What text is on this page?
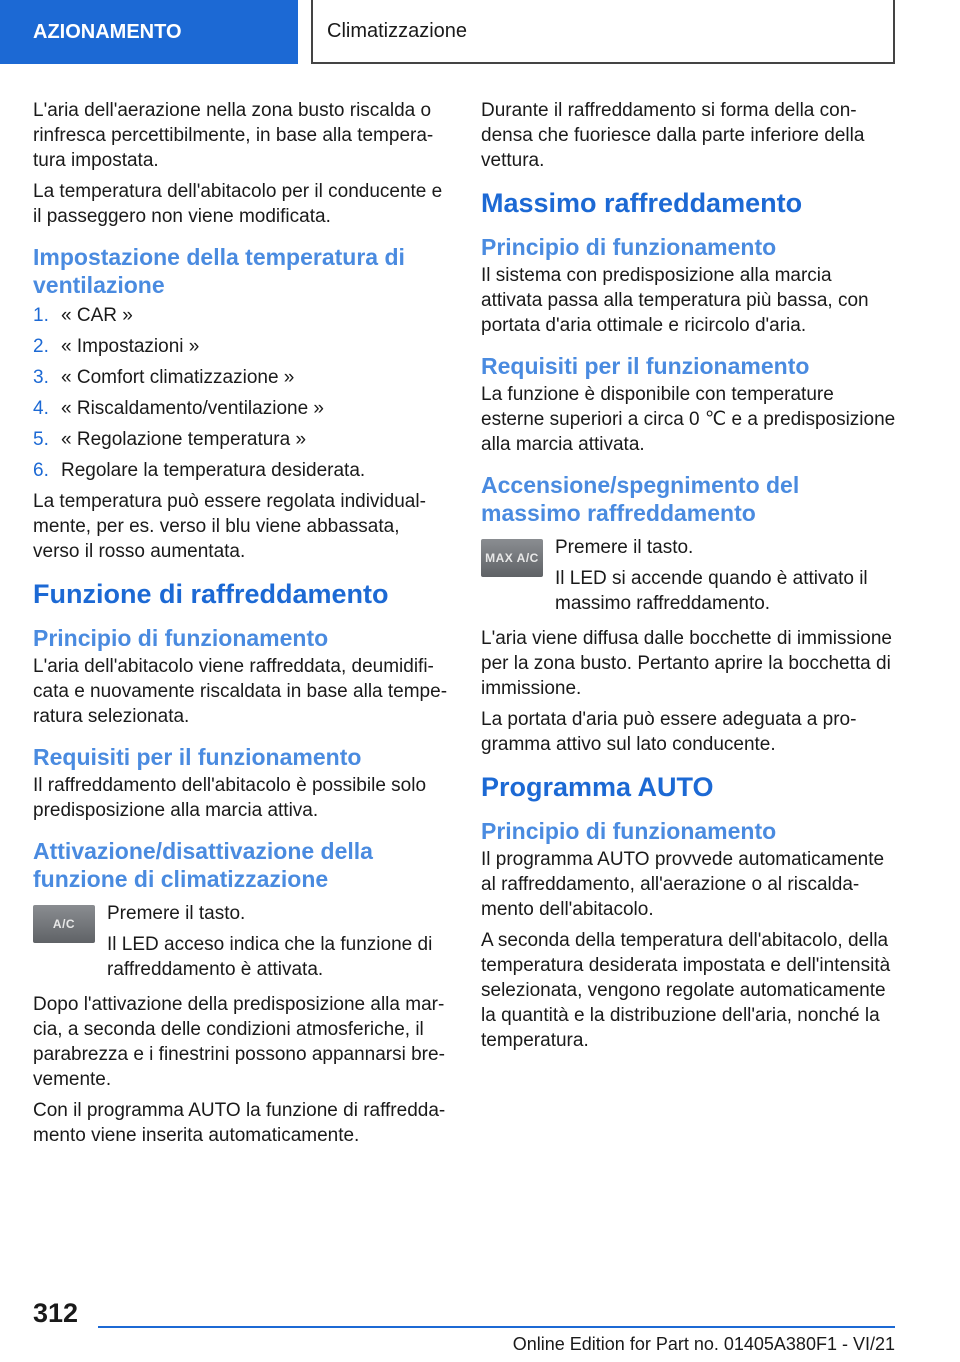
AZIONAMENTO	Climatizzazione

L'aria dell'aerazione nella zona busto riscalda o rinfresca percettibilmente, in base alla temperatura impostata.

La temperatura dell'abitacolo per il conducente e il passeggero non viene modificata.

Impostazione della temperatura di ventilazione
1. « CAR »
2. « Impostazioni »
3. « Comfort climatizzazione »
4. « Riscaldamento/ventilazione »
5. « Regolazione temperatura »
6. Regolare la temperatura desiderata.

La temperatura può essere regolata individualmente, per es. verso il blu viene abbassata, verso il rosso aumentata.

Funzione di raffreddamento
Principio di funzionamento

L'aria dell'abitacolo viene raffreddata, deumidificata e nuovamente riscaldata in base alla temperatura selezionata.

Requisiti per il funzionamento

Il raffreddamento dell'abitacolo è possibile solo predisposizione alla marcia attiva.

Attivazione/disattivazione della funzione di climatizzazione
A/C	Premere il tasto.

Il LED acceso indica che la funzione di raffreddamento è attivata.

Dopo l'attivazione della predisposizione alla marcia, a seconda delle condizioni atmosferiche, il parabrezza e i finestrini possono appannarsi brevemente.

Con il programma AUTO la funzione di raffreddamento viene inserita automaticamente.

Durante il raffreddamento si forma della condensa che fuoriesce dalla parte inferiore della vettura.

Massimo raffreddamento
Principio di funzionamento

Il sistema con predisposizione alla marcia attivata passa alla temperatura più bassa, con portata d'aria ottimale e ricircolo d'aria.

Requisiti per il funzionamento

La funzione è disponibile con temperature esterne superiori a circa 0 ℃ e a predisposizione alla marcia attivata.

Accensione/spegnimento del massimo raffreddamento
MAX A/C Premere il tasto.

Il LED si accende quando è attivato il massimo raffreddamento.

L'aria viene diffusa dalle bocchette di immissione per la zona busto. Pertanto aprire la bocchetta di immissione.

La portata d'aria può essere adeguata a programma attivo sul lato conducente.

Programma AUTO
Principio di funzionamento

Il programma AUTO provvede automaticamente al raffreddamento, all'aerazione o al riscaldamento dell'abitacolo.

A seconda della temperatura dell'abitacolo, della temperatura desiderata impostata e dell'intensità selezionata, vengono regolate automaticamente la quantità e la distribuzione dell'aria, nonché la temperatura.

312
Online Edition for Part no. 01405A380F1 - VI/21
